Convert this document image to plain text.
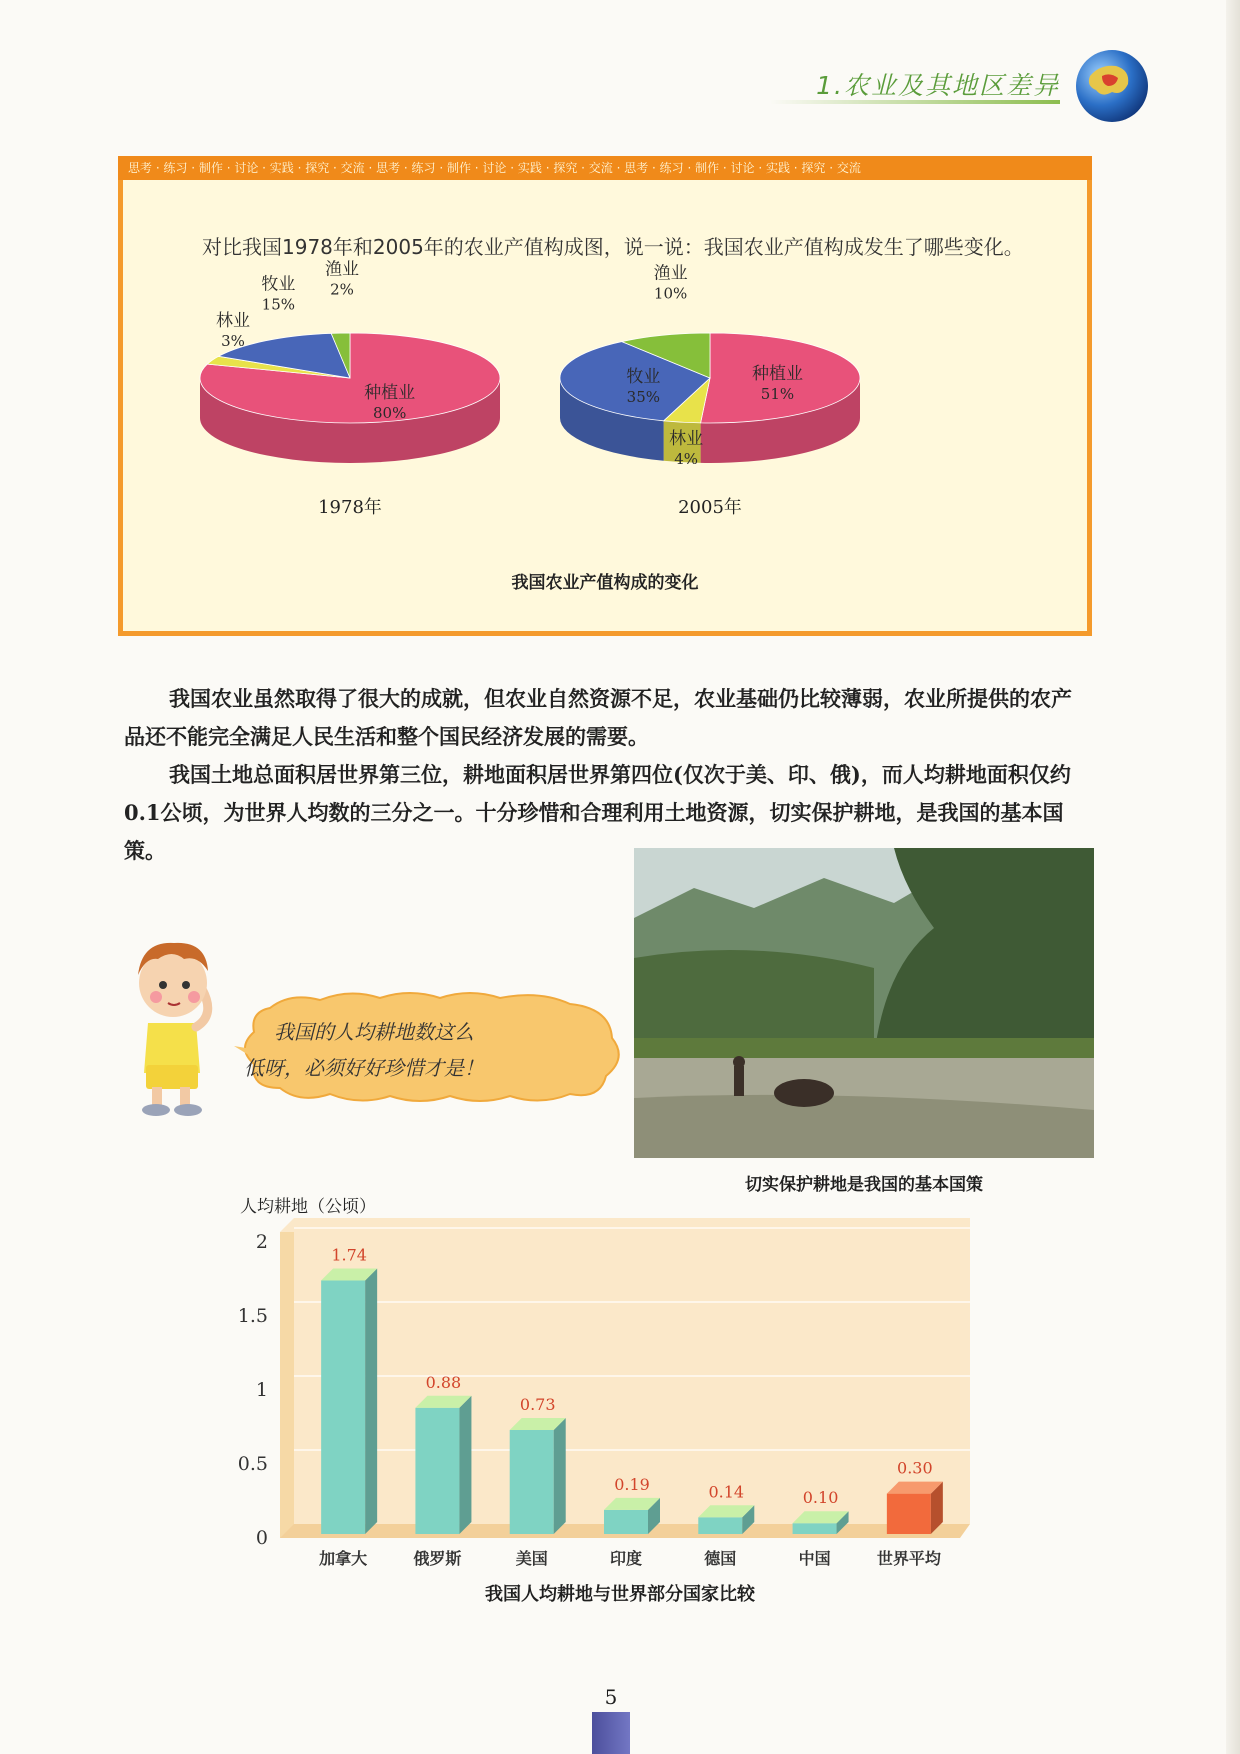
1.农业及其地区差异
思考 · 练习 · 制作 · 讨论 · 实践 · 探究 · 交流 · 思考 · 练习 · 制作 · 讨论 · 实践 · 探究 · 交流 · 思考 · 练习 · 制作 · 讨论 · 实践 · 探究 · 交流
对比我国1978年和2005年的农业产值构成图，说一说：我国农业产值构成发生了哪些变化。
种植业
80%
林业
3%
牧业
15%
渔业
2%
1978年
种植业
51%
林业
4%
牧业
35%
渔业
10%
2005年
我国农业产值构成的变化

我国农业虽然取得了很大的成就，但农业自然资源不足，农业基础仍比较薄弱，农业所提供的农产品还不能完全满足人民生活和整个国民经济发展的需要。

我国土地总面积居世界第三位，耕地面积居世界第四位(仅次于美、印、俄)，而人均耕地面积仅约0.1公顷，为世界人均数的三分之一。十分珍惜和合理利用土地资源，切实保护耕地，是我国的基本国策。

我国的人均耕地数这么
低呀，必须好好珍惜才是！
切实保护耕地是我国的基本国策
人均耕地（公顷）
0
0.5
1
1.5
2
1.74
加拿大
0.88
俄罗斯
0.73
美国
0.19
印度
0.14
德国
0.10
中国
0.30
世界平均
我国人均耕地与世界部分国家比较
5
